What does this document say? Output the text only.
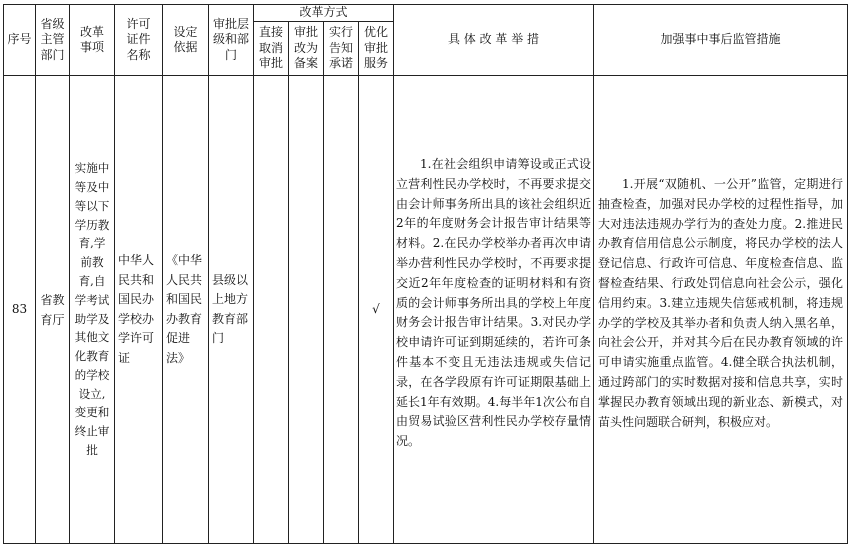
序号
省级主管部门
改革事项
许可证件名称
设定依据
审批层级和部门
改革方式
直接取消审批
审批改为备案
实行告知承诺
优化审批服务
具 体 改 革 举 措	加强事中事后监管措施
83
省教育厅
实施中等及中等以下学历教育,学前教育,自学考试助学及其他文化教育的学校设立,变更和终止审批
中华人民共和国民办学校办学许可证
《中华人民共和国民办教育促进法》
县级以上地方教育部门
√
1.在社会组织申请筹设或正式设立营利性民办学校时，不再要求提交由会计师事务所出具的该社会组织近2年的年度财务会计报告审计结果等材料。2.在民办学校举办者再次申请举办营利性民办学校时，不再要求提交近2年年度检查的证明材料和有资质的会计师事务所出具的学校上年度财务会计报告审计结果。3.对民办学校申请许可证到期延续的，若许可条件基本不变且无违法违规或失信记录，在各学段原有许可证期限基础上延长1年有效期。4.每半年1次公布自由贸易试验区营利性民办学校存量情况。
1.开展“双随机、一公开”监管，定期进行抽查检查，加强对民办学校的过程性指导，加大对违法违规办学行为的查处力度。2.推进民办教育信用信息公示制度，将民办学校的法人登记信息、行政许可信息、年度检查信息、监督检查结果、行政处罚信息向社会公示，强化信用约束。3.建立违规失信惩戒机制，将违规办学的学校及其举办者和负责人纳入黑名单，向社会公开，并对其今后在民办教育领域的许可申请实施重点监管。4.健全联合执法机制，通过跨部门的实时数据对接和信息共享，实时掌握民办教育领域出现的新业态、新模式，对苗头性问题联合研判，积极应对。
